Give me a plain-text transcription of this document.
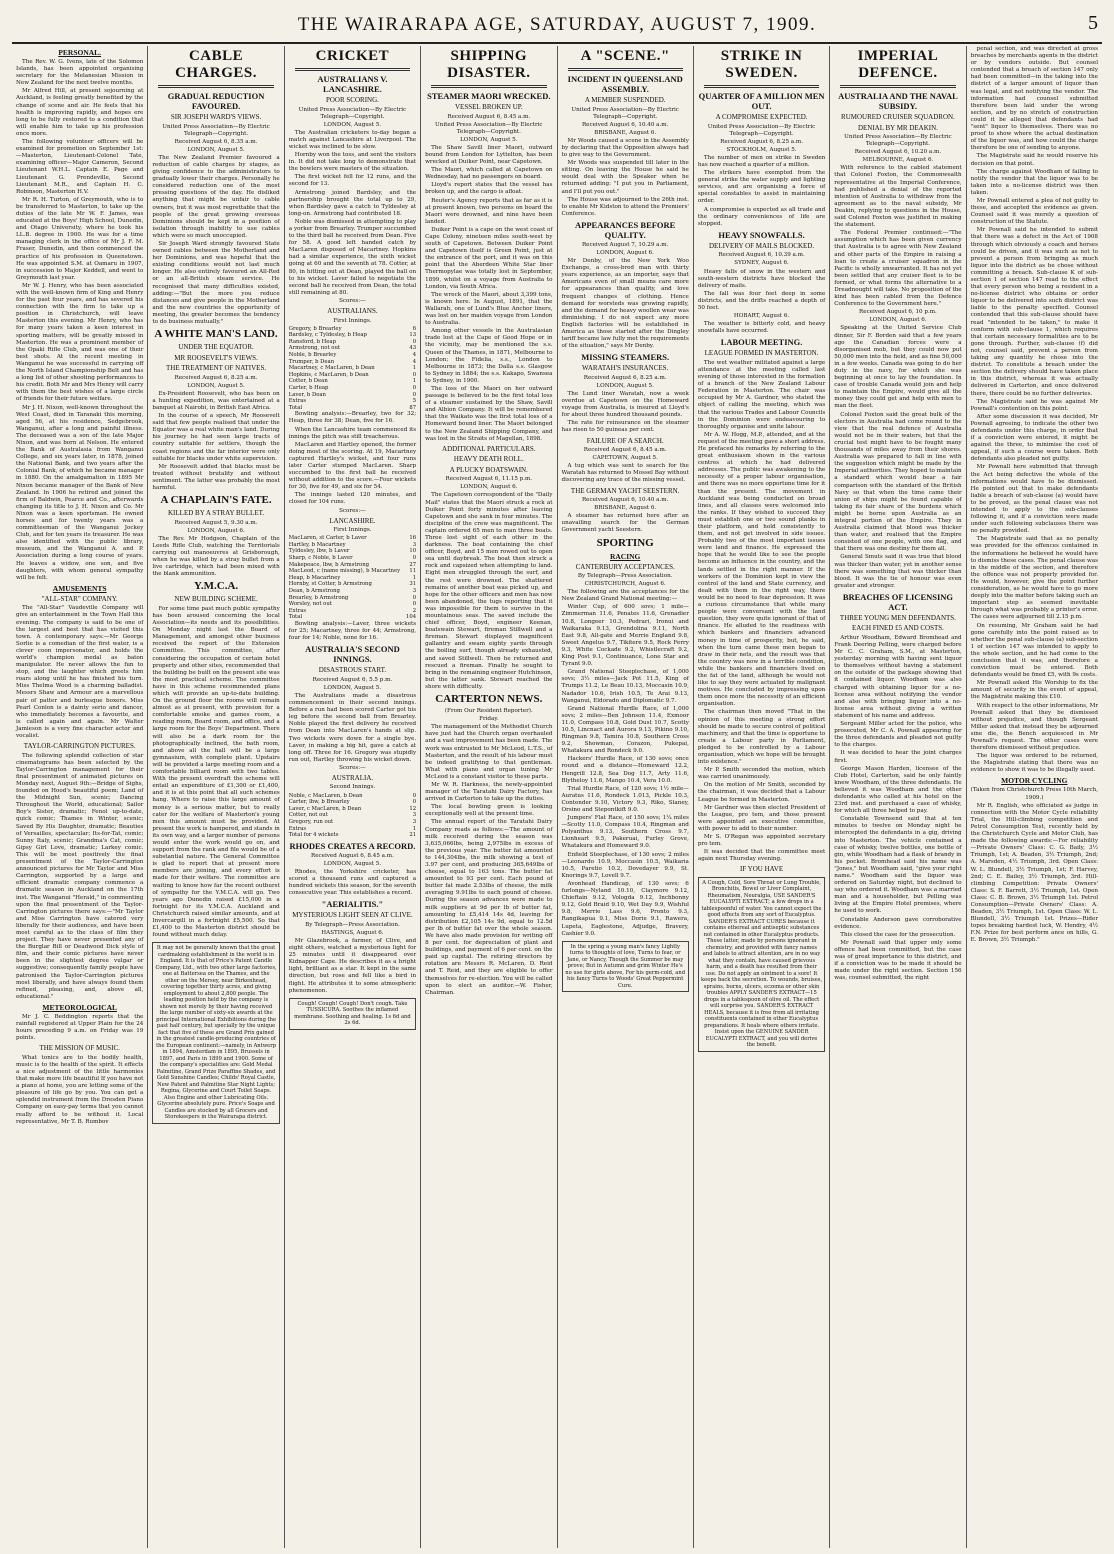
THE WAIRARAPA AGE, SATURDAY, AUGUST 7, 1909.	5
PERSONAL.

The Rev. W. G. Ivens, late of the Solomon Islands, has been appointed organising secretary for the Melanesian Mission in New Zealand for the next twelve months.

Mr Alfred Hill, at present sojourning at Auckland, is feeling greatly benefited by the change of scene and air. He feels that his health is improving rapidly, and hopes ere long to be fully restored to a condition that will enable him to take up his profession once more.

The following volunteer officers will be examined for promotion on September 1st:—Masterton, Lieutenant-Colonel Tate, examining officer—Major Cameron, Second Lieutenant W.H.L. Captain E. Page and Lieutenant G. Prendeville, Second Lieutenant M.R., and Captain H. C. Robinson, Masterton H.V.

Mr R. H. Turton, of Greymouth, who is to be transferred to Masterton, to take up the duties of the late Mr W. F. James, was educated at the Boys' High School, Dunedin, and Otago University, where he took his LL.B. degree in 1900. He was for a time managing clerk in the office of Mr J. F. M. Fraser, Dunedin, and then commenced the practice of his profession in Queenstown. He was appointed S.M. at Oamaru in 1907, in succession to Major Keddell, and went to Greymouth last year.

Mr W. J. Henry, who has been associated with the well-known firm of King and Henry for the past four years, and has severed his connection with the firm to take up a position in Christchurch, will leave Masterton this evening. Mr Henry, who has for many years taken a keen interest in sporting matters, will be greatly missed in Masterton. He was a prominent member of the Opaki Rifle Club, and was one of their best shots. At the recent meeting in Wanganui he was successful in carrying off the North Island Championship Belt and has a long list of other shooting performances to his credit. Both Mr and Mrs Henry will carry with them the best wishes of a large circle of friends for their future welfare.

Mr J. H. Nixon, well-known throughout the West Coast, died in Taranaki this morning, aged 56, at his residence, Sedgebrook, Wanganui, after a long and painful illness. The deceased was a son of the late Major Nixon, and was born at Nelson. He entered the Bank of Australasia from Wanganui College, and six years later, in 1878, joined the National Bank, and two years after the Colonial Bank, of which he became manager in 1880. On the amalgamation in 1895 Mr Nixon became manager of the Bank of New Zealand. In 1906 he retired and joined the firm of Baldwin, Pearce and Co., afterwards changing its title to J. H. Nixon and Co. Mr Nixon was a keen sportsman. He owned horses and for twenty years was a committeeman of the Wanganui Jockey Club, and for ten years its treasurer. He was also identified with the public library, museum, and the Wanganui A. and P. Association during a long course of years. He leaves a widow, one son, and five daughters, with whom general sympathy will be felt.

AMUSEMENTS
"ALL-STAR" COMPANY.

The "All-Star" Vaudeville Company will give an entertainment in the Town Hall this evening. The company is said to be one of the largest and best that has visited this town. A contemporary says:—Mr George Sorlie is a comedian of the first water, is a clever coon impersonator, and holds the world's champion medal as baton manipulator. He never allows the fun to stop, and the laughter which greets him roars along until he has finished his turn. Miss Thelma Wood is a charming balladist. Messrs Shaw and Armour are a marvellous pair of patter and burlesque boxers. Miss Pearl Conlon is a dainty serio and dancer, who immediately becomes a favourite, and is called again and again. Mr Walter Jamieson is a very fine character actor and vocalist.

TAYLOR-CARRINGTON PICTURES.

The following splendid collection of star cinematograms has been selected by the Taylor-Carrington management for their final presentment of animated pictures on Monday next, August 9th:—Bridge of Sighs, founded on Hood's beautiful poem; Land of the Midnight Sun, scenic; Dancing Throughout the World, educational; Sailor Boy's Sister, dramatic; Fenol up-to-date, quick comic; Thames in Winter, scenic; Saved By His Daughter, dramatic; Beauties of Versailles, spectacular; Its-for-Tat, comic; Sunny Italy, scenic; Grandma's Cat, comic; Gipsy Girl Love, dramatic; Larkey comic. This will be most positively the final presentment of the Taylor-Carrington announced pictures for Mr Taylor and Miss Carrington, supported by a large and efficient dramatic company commence a dramatic season in Auckland on the 17th inst. The Wanganui "Herald," in commenting upon the final presentment of the Taylor-Carrington pictures there says:—"Mr Taylor and Miss Carrington have catered very liberally for their audiences, and have been most careful as to the class of film they project. They have never presented any of the Burglar Bill or Deadwood Dick style of film, and their comic pictures have never been in the slightest degree vulgar or suggestive; consequently family people have patronised the Taylor-Carrington pictures most liberally, and have always found them refined, pleasing, and, above all, educational."

METEOROLOGICAL

Mr J. C. Beddington reports that the rainfall registered at Upper Plain for the 24 hours preceding 9 a.m. on Friday was 19 points.

THE MISSION OF MUSIC.

What tonics are to the bodily health, music is to the health of the spirit. It effects a nice adjustment of the little harmonies that make more life beautiful If you have not a piano at home, you are letting some of the pleasure of life go by you. You can get a splendid instrument from the Dresden Piano Company on easy-pay terms that you cannot really afford to be without it. Local representative, Mr T. B. Rumbov

CABLE CHARGES.
GRADUAL REDUCTION FAVOURED.
SIR JOSEPH WARD'S VIEWS.
United Press Association—By Electric Telegraph—Copyright.
Received August 6, 8.35 a.m.
LONDON, August 5.

The New Zealand Premier favoured a reduction of cable charges by stages, as giving confidence to the administrators to gradually lower their charges. Personally he considered reduction one of the most pressing questions of the day. He disliked anything that might be unfair to cable owners, but it was most regrettable that the people of the great growing overseas Dominions should be kept in a position of isolation through inability to use cables which were so much unoccupied.

Sir Joseph Ward strongly favoured State owned cables between the Motherland and her Dominions, and was hopeful that the existing conditions would not last much longer. He also entirely favoured an All-Red or an all-British steam service. He recognised that many difficulties existed, adding:—"But the more you reduce distances and give people in the Motherland and the new countries the opportunity of meeting, the greater becomes the tendency to do business mutually."

A WHITE MAN'S LAND.
UNDER THE EQUATOR.
MR ROOSEVELT'S VIEWS.
THE TREATMENT OF NATIVES.
Received August 6, 8.25 a.m.
LONDON, August 5.

Ex-President Roosevelt, who has been on a hunting expedition, was entertained at a banquet at Nairobi, in British East Africa.

In the course of a speech, Mr Roosevelt said that few people realised that under the Equator was a real white man's land. During his journey he had seen large tracts of country suitable for settlers, though the coast regions and the far interior were only suitable for blacks under white supervision.

Mr Roosevelt added that blacks must be treated without brutality and without sentiment. The latter was probably the most harmful.

A CHAPLAIN'S FATE.
KILLED BY A STRAY BULLET.
Received August 5, 9.30 a.m.
LONDON, August 6.

The Rev. Mr Hodgson, Chaplain of the Leeds Rifle Club, watching the Territorials carrying out manoeuvres at Grisborough, when he was killed by a stray bullet from a live cartridge, which had been mixed with the blank ammunition.

Y.M.C.A.
NEW BUILDING SCHEME.

For some time past much public sympathy has been aroused concerning the local Association—its needs and its possibilities. On Monday night last the Board of Management, and amongst other business received the report of the Extension Committee. This committee, after considering the occupation of certain hotel property and other sites, recommended that the building be built on the present site was the most practical scheme. The committee have in this scheme recommended plans which will provide an up-to-date building. On the ground floor the rooms will remain almost as at present, with provision for a comfortable smoke and games room, a reading room, Board room, and office, and a large room for the Boys' Department. There will also be a dark room for the photographically inclined, the bath room, and above all the hall will be a large gymnasium, with complete plant. Upstairs will be provided a large meeting room and a comfortable billiard room with two tables. With the present overdraft the scheme will entail an expenditure of £1,300 or £1,400, and it is at this point that all such schemes hang. Where to raise this large amount of money is a serious matter, but to really cater for the welfare of Masterton's young men this amount must be provided. At present the work is hampered, and stands in its own way, and a larger number of persons would enter the work would go on, and support from the rank and file would be of a substantial nature. The General Committee is glad to report that at present more members are joining, and every effort is made for their welfare. The committee are waiting to know how far the recent outburst of sympathy for the Y.M.C.A. will go. Two years ago Dunedin raised £15,000 in a fortnight for its Y.M.C.A. Auckland and Christchurch raised similar amounts, and at Invercargill in a fortnight £5,500. So that £1,400 to the Masterton district should be found without much delay.

It may not be generally known that the great cardmaking establishment in the world is in England. It is that of Price's Patent Candle Company, Ltd., with two other large factories, one at Battersea on the Thames, and the other on the Mersey, near Birkenhead, covering together thirty acres, and giving employment to about 2,800 people. The leading position held by the company is shown not merely by their having received the large number of sixty-six awards at the principal International Exhibitions during the past half century, but specially by the unique fact that five of these are Grand Prix gained in the greatest candle-producing countries of the European continent:—namely, in Antwerp in 1894, Amsterdam in 1895, Brussels in 1897, and Paris in 1899 and 1900. Some of the company's specialities are: Gold Medal Palmitine, Grand Prize Paraffine Shades, and Gold Sunshine Candles; Childs' Royal Castle, New Patent and Palmitine Star Night Lights; Regina, Glycerine and Court Toilet Soaps. Also Engine and other Lubricating Oils. Glycerine absolutely pure. Price's Soaps and Candles are stocked by all Grocers and Storekeepers in the Wairarapa district.
CRICKET
AUSTRALIANS V. LANCASHIRE.
POOR SCORING.
United Press Association—By Electric Telegraph—Copyright.
LONDON, August 5.

The Australian cricketers to-day began a match against Lancashire at Liverpool. The wicket was inclined to be slow.

Hornby won the toss, and sent the visitors in. It did not take long to demonstrate that the bowlers were masters of the situation.

The first wicket fell for 12 runs, and the second for 13.

Armstrong joined Bardsley, and the partnership brought the total up to 29, when Bardsley gave a catch to Tyldesley at long-on. Armstrong had contributed 18.

Noble was dismissed in attempting to play a yorker from Brearley. Trumper succumbed to the third ball he received from Dean. Five for 58. A good left handed catch by MacLaren disposed of Macartney. Hopkins had a similar experience, the sixth wicket going at 60 and the seventh at 78. Cotter, at 80, in hitting out at Dean, played the ball on to his wicket. Laver failed to negotiate the second ball he received from Dean, the total still remaining at 80.

Scores:—
AUSTRALIANS.
First Innings.
Gregory, b Brearley	6
Bardsley, c Tyldesley, b Heap	13
Ransford, b Heap	0
Armstrong, not out	43
Noble, b Brearley	4
Trumper, b Dean	4
Macartney, c MacLaren, b Dean	1
Hopkins, c MacLaren, b Dean	0
Cotter, b Dean	1
Carter, b Heap	0
Laver, b Dean	0
Extras	5
Total	87

Bowling analysis:—Brearley, two for 32; Heap, three for 38; Dean, five for 16.

When the Lancashire team commenced its innings the pitch was still treacherous.

MacLaren and Hartley opened, the former doing most of the scoring. At 19, Macartney captured Hartley's wicket, and four runs later Carter stumped MacLaren. Sharp succumbed to the first ball he received without addition to the score.—Four wickets for 30, five for 49, and six for 54.

The innings lasted 120 minutes, and closed for 104 runs.

Scores:—
LANCASHIRE.
First Innings.
MacLaren, st Carter, b Laver	16
Hartley, b Macartney	3
Tyldesley, lbw, b Laver	10
Sharp, c Noble, b Laver	0
Makepeace, lbw, b Armstrong	27
MacLeod, c (name missing), b Macartney 11
Heap, b Macartney	1
Hornby, st Cotter, b Armstrong	31
Dean, b Armstrong	3
Brearley, b Armstrong	0
Worsley, not out	0
Extras	2
Total	104

Bowling analysis:—Laver, three wickets for 25; Macartney, three for 44; Armstrong, four for 14; Noble, none for 16.

AUSTRALIA'S SECOND INNINGS.
DISASTROUS START.
Received August 6, 5.5 p.m.
LONDON, August 5.

The Australians made a disastrous commencement in their second innings. Before a run had been scored Carter got his leg before the second ball from Brearley. Noble played the first delivery he received from Dean into MacLaren's hands at slip. Two wickets were down for a single bye. Laver, in making a big hit, gave a catch at long off. Three for 16. Gregory was stupidly run out, Hartley throwing his wicket down.

Scores:—
AUSTRALIA.
Second Innings.
Noble, c MacLaren, b Dean	0
Carter, lbw, b Brearley	0
Laver, c MacLaren, b Dean	12
Cotter, not out	3
Gregory, run out	3
Extras	1
Total for 4 wickets	21
RHODES CREATES A RECORD.
Received August 6, 8.45 a.m.
LONDON, August 5.

Rhodes, the Yorkshire cricketer, has scored a thousand runs and captured a hundred wickets this season, for the seventh consecutive year. This establishes a record.

"AERIALITIS."
MYSTERIOUS LIGHT SEEN AT CLIVE.
By Telegraph—Press Association.
HASTINGS, August 6.

Mr Glazebrook, a farmer, of Clive, and eight others, watched a mysterious light for 25 minutes until it disappeared over Kidnapper Cape. He describes it as a bright light, brilliant as a star. It kept in the same direction, but rose and fell like a bird in flight. He attributes it to some atmospheric phenomenon.

Cough! Cough! Cough! Don't cough. Take TUSSICURA. Soothes the inflamed membrane. Soothing and healing. 1s 6d and 2s 6d.
SHIPPING DISASTER.
STEAMER MAORI WRECKED.
VESSEL BROKEN UP.
Received August 6, 8.45 a.m.
United Press Association—By Electric Telegraph—Copyright.
LONDON, August 5.

The Shaw Savill liner Maori, outward bound from London for Lyttelton, has been wrecked at Duiker Point, near Capetown.

The Maori, which called at Capetown on Wednesday, had no passengers on board.

Lloyd's report states that the vessel has broken up, and the cargo is afloat.

Reuter's Agency reports that as far as it is at present known, two persons on board the Maori were drowned, and nine have been landed.

Duiker Point is a cape on the west coast of Cape Colony, nineteen miles south-west by south of Capetown. Between Duiker Point and Capetown itself is Green Point, just at the entrance of the port, and it was on this point that the Aberdeen White Star liner Thermopylae was totally lost in September, 1899, whilst on a voyage from Australia to London, via South Africa.

The wreck of the Maori, about 3,399 tons, is known here. In August, 1891, that the Wallarah, one of Lund's Blue Anchor liners, was lost on her maiden voyage from London to Australia.

Among other vessels in the Australasian trade lost at the Cape of Good Hope or in the vicinity, may be mentioned the s.s. Queen of the Thames, in 1871, Melbourne to London; the Fidelia, s.s., London to Melbourne in 1873; the Dalla s.s. Glasgow to Sydney in 1884; the s.s. Kakapo, Swansea to Sydney, in 1900.

The loss of the Maori on her outward passage is believed to be the first total loss of a steamer sustained by the Shaw, Savill and Albion Company. It will be remembered that the Waikato was the first total loss of a Homeward bound liner. The Maori belonged to the New Zealand Shipping Company, and was lost in the Straits of Magellan, 1898.

ADDITIONAL PARTICULARS.
HEAVY DEATH ROLL.
A PLUCKY BOATSWAIN.
Received August 6, 11.15 p.m.
LONDON, August 6.

The Capetown correspondent of the "Daily Mail" states that the Maori struck a rock at Duiker Point forty minutes after leaving Capetown and she sank in four minutes. The discipline of the crew was magnificent. The captain ordered 65 men to man three boats. Three lost sight of each other in the darkness. The boat containing the chief officer, Boyd, and 15 men rowed out to open sea until daybreak. The boat then struck a rock and capsized when attempting to land. Eight men struggled through the surf, and the rest were drowned. The shattered remains of another boat was picked up, and hope for the other officers and men has now been abandoned, the tugs reporting that it was impossible for them to survive in the mountainous seas. The saved include the chief officer, Boyd, engineer Keenan, boatswain Stewart, fireman Stillwell and a fireman. Stewart displayed magnificent gallantry and swam eighty yards through the boiling surf, though already exhausted, and saved Stillwell. Then he returned and rescued a fireman. Finally he sought to bring in the remaining engineer Hutchinson, but the latter sank. Stewart reached the shore with difficulty.

CARTERTON NEWS.
(From Our Resident Reporter).
Friday.

The management of the Methodist Church have just had the Church organ overhauled and a vast improvement has been made. The work was entrusted to Mr McLeod, L.T.S., of Masterton, and the result of his labour must be indeed gratifying to that gentleman. What with piano and organ tuning Mr McLeod is a constant visitor to these parts.

Mr W. R. Harkness, the newly-appointed manager of the Taratahi Dairy Factory, has arrived in Carterton to take up the duties.

The local bowling green is looking exceptionally well at the present time.

The annual report of the Taratahi Dairy Company reads as follows:—The amount of milk received during the season was 3,635,066lbs, being 2,975lbs in excess of the previous year. The butter fat amounted to 144,304lbs, the milk showing a test of 3.97 per cent, and producing 365,649lbs of cheese, equal to 163 tons. The butter fat amounted to 93 per cent. Each pound of butter fat made 2.53lbs of cheese, the milk averaging 9.91lbs to each pound of cheese. During the season advances were made to milk suppliers at 9d per lb of butter fat, amounting to £5,414 14s 4d, leaving for distribution £2,105 14s 9d, equal to 12.5d per lb of butter fat over the whole season. We have also made provision for writing off 8 per cent. for depreciation of plant and buildings, and payment of 6 per cent. on the paid up capital. The retiring directors by rotation are Messrs R. McLaren, D. Reid and T. Reid, and they are eligible to offer themselves for re-election. You will be called upon to elect an auditor.—W. Fisher, Chairman.

A "SCENE."
INCIDENT IN QUEENSLAND ASSEMBLY.
A MEMBER SUSPENDED.
United Press Association—By Electric Telegraph—Copyright.
Received August 6, 10.40 a.m.
BRISBANE, August 6.

Mr Woods caused a scene in the Assembly by declaring that the Opposition always had to give way to the Government.

Mr Woods was suspended till later in the sitting. On leaving the House he said he would deal with the Speaker when he returned adding: "I put you in Parliament, and I'll put you out."

The House was adjourned to the 26th inst. to enable Mr Kidston to attend the Premiers' Conference.

APPEARANCES BEFORE QUALITY.
Received August 7, 10.29 a.m.
LONDON, August 6.

Mr Denby, of the New York Woo Exchange, a cross-bred man with thirty years experience, as an importer, says that Americans even of small means care more for appearances than quality, and love frequent changes of clothing. Hence demand for worsteds was growing rapidly, and the demand for heavy woollen wear was diminishing. I do not expect any more English factories will be established in America as those started after the Dingley tariff became law fully met the requirements of the situation," says Mr Denby.

MISSING STEAMERS.
WARATAH'S INSURANCES.
Received August 6, 8.25 a.m.
LONDON, August 5.

The Lund liner Waratah, now a week overdue at Capetown on the Homeward voyage from Australia, is insured at Lloyd's for about three hundred thousand pounds.

The rate for reinsurance on the steamer has risen to 50 guineas per cent.

FAILURE OF A SEARCH.
Received August 6, 8.45 a.m.
CAPETOWN, August 5.

A tug which was sent to search for the Waratah has returned to Mossel Bay without discovering any trace of the missing vessel.

THE GERMAN YACHT SEESTERN.
Received August 6, 10.40 a.m.
BRISBANE, August 6.

A steamer has returned here after an unavailing search for the German Government yacht Seestern.

SPORTING
RACING
CANTERBURY ACCEPTANCES.
By Telegraph—Press Association.
CHRISTCHURCH, August 6.

The following are the acceptances for the New Zealand Grand National meeting:—

Winter Cup, of 600 sovs; 1 mile—Zimmerman 11.6, Penates 11.6, Grenadier 10.8, Longeer 10.3, Pedrari, Ironui and Waikaraka 9.13, Grendolina 9.11, North East 9.8, All-gate and Merrie England 9.8, Sweet Angelus 9.7, Tikitere 9.5, Rock Ferry 9.3, White Cockade 9.2, Whistlecraft 9.2, King Post 9.1, Continuance, Lone Star and Tyrant 9.0.

Grand National Steeplechase, of 1,000 sovs; 3½ miles—Jack Pot 11.5, King of Trumps 11.2, Le Beau 10.13, Moccasin 10.9, Nadador 10.6, Irish 10.5, Te Arai 9.13, Wanganui, Eldorado and Diplomatic 9.7.

Grand National Hurdle Race, of 1,000 sovs; 2 miles—Ben Johnson 11.4, Exmoor 11.0, Compass 10.8, Gold Dust 10.7, Scotty 10.5, Lincnact and Aurora 9.13, Pikino 9.10, Ringman 9.8, Tamira 10.8, Southern Cross 9.2, Showman, Corazon, Pukepai, Whatakura and Rondeck 9.0.

Hackers' Hurdle Race, of 130 sovs; once round and a distance—Homeward 12.2, Hengrill 12.8, Sea Dog 11.7, Arty 11.6, Blytheloy 11.6, Mango 10.4, Vera 10.0.

Trial Hurdle Race, of 120 sovs; 1½ mile—Auratus 11.6, Rondeck 1.013, Pickle 10.3, Contender 9.10, Victory 9.3, Riko, Slaney, Orsino and Stepontkift 9.0.

Jumpers' Flat Race, of 150 sovs; 1¼ miles—Scotty 11.0, Compass 10.4, Ringman and Polyanthus 9.13, Southern Cross 9.7, Lionheart 9.5, Pakeruai, Furley Grove, Whatakura and Homeward 9.0.

Enfield Steeplechase, of 130 sovs; 2 miles—Leonardo 10.9, Moccasin 10.5, Waikaria 10.5, Paretio 10.2, Dovedayer 9.9, St. Knorings 9.7, Lovell 9.7.

Avonhead Handicap, of 130 sovs; 6 furlongs—Nyland 10.10, Claymore 9.12, Chieftain 9.12, Vologda 9.12, Inchbonny 9.12, Gold Braid 9.10, Wet Day 9.9, Wishful 9.8, Merrie Lass 9.6, Pronto 9.3, Rangikapua 9.1, Miss Dorie 9.1, Rawera, Lupeta, Eaglestone, Adjudge, Bravery, Cashier 9.0.

In the spring a young man's fancy Lightly turns to thoughts of love, Turns to fear, or Jane, or Nancy, Though the Summer be may prove; But in Autumn and grim Winter He's no use for girls above, For his germ-cold, and his fancy Turns to Woods' Great Peppermint Cure.
STRIKE IN SWEDEN.
QUARTER OF A MILLION MEN OUT.
A COMPROMISE EXPECTED.
United Press Association—By Electric Telegraph—Copyright.
Received August 6, 8.25 a.m.
STOCKHOLM, August 5.

The number of men on strike in Sweden has now reached a quarter of a million.

The strikers have exempted from the general strike the water supply and lighting services, and are organising a force of special constables to assist in maintaining order.

A compromise is expected as all trade and the ordinary conveniences of life are stopped.

HEAVY SNOWFALLS.
DELIVERY OF MAILS BLOCKED.
Received August 6, 10.39 a.m.
SYDNEY, August 6.

Heavy falls of snow in the western and south-western districts have blocked the delivery of mails.

The fall was four feet deep in some districts, and the drifts reached a depth of 50 feet.

HOBART, August 6.

The weather is bitterly cold, and heavy snowfalls have occurred.

LABOUR MEETING.
LEAGUE FORMED IN MASTERTON.

The wet weather militated against a large attendance at the meeting called last evening of those interested in the formation of a branch of the New Zealand Labour Federation in Masterton. The chair was occupied by Mr A. Gardner, who stated the object of calling the meeting, which was that the various Trades and Labour Councils in the Dominion were endeavouring to thoroughly organise and unite labour.

Mr A. W. Hogg, M.P., attended, and at the request of the meeting gave a short address. He prefaced his remarks by referring to the great enthusiasm shown in the various centres at which he had delivered addresses. The public was awakening to the necessity of a proper labour organisation, and there was no more opportune time for it than the present. The movement in Auckland was being conducted on broad lines, and all classes were welcomed into the ranks. If they wished to succeed they must establish one or two sound planks in their platform, and hold consistently to them, and not get involved in side issues. Probably two of the most important issues were land and finance. He expressed the hope that he would like to see the people become an influence in the country, and the lands settled in the right manner. If the workers of the Dominion kept in view the control of the land and State currency, and dealt with them in the right way, there would be no need to fear depression. It was a curious circumstance that while many people were conversant with the land question, they were quite ignorant of that of finance. He alluded to the readiness with which bankers and financiers advanced money in time of prosperity, but, he said, when the turn came these men began to draw in their nets, and the result was that the country was now in a terrible condition, while the bankers and financiers lived on the fat of the land, although he would not like to say they were actuated by malignant motives. He concluded by impressing upon them once more the necessity of an efficient organisation.

The chairman then moved "That in the opinion of this meeting a strong effort should be made to secure control of political machinery, and that the time is opportune to create a Labour party in Parliament, pledged to be controlled by a Labour organisation, which we hope will be brought into existence."

Mr P. Smith seconded the motion, which was carried unanimously.

On the motion of Mr Smith, seconded by the chairman, it was decided that a Labour League be formed in Masterton.

Mr Gardner was then elected President of the League, pro tem, and those present were appointed an executive committee, with power to add to their number.

Mr S. O'Regan was appointed secretary pro tem.

It was decided that the committee meet again next Thursday evening.

IF YOU HAVE
A Cough, Cold, Sore Throat or Lung Trouble, Bronchitis, Bowel or Liver Complaint, Rheumatism, Neuralgia, USE SANDER'S EUCALYPTI EXTRACT; a few drops in a tablespoonful of water. You cannot expect the good effects from any sort of Eucalyptus. SANDER'S EXTRACT CURES because it contains ethereal and antiseptic substances not contained in other Eucalyptus products. These latter, made by persons ignorant in chemistry, and provided with fancy names and labels to attract attention, are in no way what they contain, have caused grievous harm, and a death has resulted from their use. Do not apply an ointment to a sore! It keeps back the secretion. To wounds, bruises, sprains, burns, ulcers, eczema or other skin troubles APPLY SANDER'S EXTRACT—15 drops in a tablespoon of olive oil. The effect will surprise you. SANDER'S EXTRACT HEALS, because it is free from all irritating constituents contained in other Eucalyptus preparations. It heals where others irritate. Insist upon the GENUINE SANDER EUCALYPTI EXTRACT, and you will derive the benefit.
IMPERIAL DEFENCE.
AUSTRALIA AND THE NAVAL SUBSIDY.
RUMOURED CRUISER SQUADRON.
DENIAL BY MR DEAKIN.
United Press Association—By Electric Telegraph—Copyright.
Received August 6, 10.20 a.m.
MELBOURNE, August 6.

With reference to the cabled statement that Colonel Foxton, the Commonwealth representative at the Imperial Conference, had published a denial of the reported intention of Australia to withdraw from the agreement as to the naval subsidy, Mr Deakin, replying to questions in the House, said Colonel Foxton was justified in making the statement.

The Federal Premier continued:—"The assumption which has been given currency that Australia is to agree with New Zealand and other parts of the Empire in raising a loan to create a cruiser squadron in the Pacific is wholly unwarranted. It has not yet been settled that any cruiser fleet is to be formed, or what forms the alternative to a Dreadnought will take. No proposition of the kind has been cabled from the Defence Conference to the Government here."

Received August 6, 10 p.m.
LONDON, August 6.

Speaking at the United Service Club dinner, Sir F. Borden said that a few years ago the Canadian forces were a disorganised mob, but they could now put 50,000 men into the field, and as fine 50,000 in a few weeks. Canada was going to do her duty in the navy, for which she was beginning at once to lay the foundation. In case of trouble Canada would join and help to maintain the Empire, would give all the money they could get and help with men to man the fleet.

Colonel Foxton said the great bulk of the electors in Australia had come round to the view that the real defence of Australia would not be in their waters, but that the crucial test might have to be fought many thousands of miles away from their shores. Australia was prepared to fall in line with the suggestion which might be made by the Imperial authorities. They hoped to maintain a standard which would bear a fair comparison with the standard of the British Navy so that when the time came their union of ships might be found capable of taking its fair share of the burdens which might be borne upon Australia as an integral portion of the Empire. They in Australia claimed that blood was thicker than water, and realised that the Empire consisted of one people, with one flag, and that there was one destiny for them all.

General Smuts said it was true that blood was thicker than water, yet in another sense there was something that was thicker than blood. It was the tie of honour was even greater and stronger.

BREACHES OF LICENSING ACT.
THREE YOUNG MEN DEFENDANTS.
EACH FINED £5 AND COSTS.

Arthur Woodham, Edward Bromhead and Frank Deering Pelling, were charged before Mr C. C. Graham, S.M., at Masterton, yesterday morning with having sent liquor to themselves without having a statement on the outside of the package showing that it contained liquor. Woodham was also charged with obtaining liquor for a no-license area without notifying the vendor and also with bringing liquor into a no-license area without giving a written statement of his name and address.

Sergeant Miller acted for the police, who prosecuted, Mr C. A. Pownall appearing for the three defendants and pleaded not guilty to the charges.

It was decided to hear the joint charges first.

George Mason Harden, licensee of the Club Hotel, Carterton, said he only faintly knew Woodham, of the three defendants. He believed it was Woodham and the other defendants who called at his hotel on the 23rd inst. and purchased a case of whisky, for which all three helped to pay.

Constable Townsend said that at ten minutes to twelve on Monday night he intercepted the defendants in a gig, driving into Masterton. The vehicle contained a case of whisky, twelve bottles, one bottle of gin, while Woodham had a flask of brandy in his pocket. Bromhead said his name was "Jones," but Woodham said, "give your right name." Woodham said the liquor was ordered on Saturday night, but declined to say who ordered it. Woodham was a married man and a householder, but Pelling was living at the Empire Hotel premises, where he used to work.

Constable Anderson gave corroborative evidence.

This closed the case for the prosecution.

Mr Pownall said that upper only some offence had been committed, but the case was of great importance to this district, and if a conviction was to be made it should be made under the right section. Section 156 was, counsel submitted, the right

penal section, and was directed at gross breaches by merchants agents in the district or by vendors outside. But counsel contended that a breach of section 147 only had been committed—in the taking into the district of a larger amount of liquor than was legal, and not notifying the vendor. The information had counsel submitted therefore been laid under the wrong section, and by no stretch of construction could it be alleged that defendants had "sent" liquor to themselves. There was no proof to show where the actual destination of the liquor was, and how could the charge therefore be one of sending to anyone.

The Magistrate said he would reserve his decision on that point.

The charge against Woodham of failing to notify the vendor that the liquor was to be taken into a no-license district was then taken.

Mr Pownall entered a plea of not guilty to these, and accepted the evidence as given. Counsel said it was merely a question of construction of the Statute.

Mr Pownall said he intended to submit that there was a defect in the Act of 1908 through which obviously a coach and horses could be driven, and it was such as not to prevent a person from bringing as much liquor into the district as he chose without committing a breach. Sub-clause K of sub-section 1 of section 147 read to the effect that every person who being a resident in a no-license district who obtains or order liquor to be delivered into such district was liable to the penalty specified. Counsel contended that this sub-clause should have read "intended to be taken," to make it conform with sub-clause 1, which requires that certain necessary formalities are to be gone through. Further, sub-clause (f) did not, counsel said, prevent a person from taking any quantity he chose into the district. To constitute a breach under the section the delivery should have taken place in this district, whereas it was actually delivered in Carterton, and once delivered there, there could be no further deliveries.

The Magistrate said he was against Mr Pownall's contention on this point.

After some discussion it was decided, Mr Pownall agreeing, to indicate the other two defendants under this charge, in order that if a conviction were entered, it might be against the three, to minimise the cost of appeal, if such a course were taken. Both defendants also pleaded not guilty.

Mr Pownall here submitted that through the Act being defective the whole of the informations would have to be dismissed. He pointed out that to make defendants liable a breach of sub-clause (a) would have to be proved, as the penal clause was not intended to apply to the sub-clauses following it, and if a conviction were made under such following subclauses there was no penalty provided.

The Magistrate said that as no penalty was provided for the offences contained in the informations he believed he would have to dismiss these cases. The penal clause was in the middle of the section, and therefore the offence was not properly provided for. He would, however, give the point further consideration, as he would have to go more deeply into the matter before taking such an important step as seemed inevitable through what was probably a printer's error. The cases were adjourned till 2.15 p.m.

On resuming, Mr Graham said he had gone carefully into the point raised as to whether the penal sub-clause (a) sub-section 1 of section 147 was intended to apply to the whole section, and he had come to the conclusion that it was, and therefore a conviction must be entered. Both defendants would be fined £5, with 9s costs.

Mr Pownall asked His Worship to fix the amount of security in the event of appeal, the Magistrate making this £10.

With respect to the other informations, Mr Pownall asked that they be dismissed without prejudice, and though Sergeant Miller asked that instead they be adjourned sine die, the Bench acquiesced in Mr Pownall's request. The other cases were therefore dismissed without prejudice.

The liquor was ordered to be returned, the Magistrate stating that there was no evidence to show it was to be illegally used.

MOTOR CYCLING
(Taken from Christchurch Press 10th March, 1909.)

Mr R. English, who officiated as judge in connection with the Motor Cycle reliability Trial, the Hill-climbing competition and Petrol Consumption Test, recently held by the Christchurch Cycle and Motor Club, has made the following awards:—For reliability—Private Owners' Class: C. G. Baily, 3½ Triumph, 1st; A. Beaden, 3½ Triumph, 2nd; A. Marsden, 4½ Triumph, 3rd. Open Class: W. L. Blundell, 3½ Triumph, 1st; F. Harvey, 2nd; C. E. Bailey, 3½ Triumph, 3rd. Hill-climbing Competition: Private Owners' Class: S. F. Barrett, 3½ Triumph, 1st. Open Class: C. B. Brown, 3½ Triumph 1st. Petrol Consumption—Private Owners' Class: A. Beaden, 3½ Triumph, 1st. Open Class: W. L. Blundell, 3½ Triumph 1st. Prizes—Rider topes breaking hardest luck, W. Hendry, 4½ F.N. Prize for best perform ance on hills, G. E. Brown, 3½ Triumph."
